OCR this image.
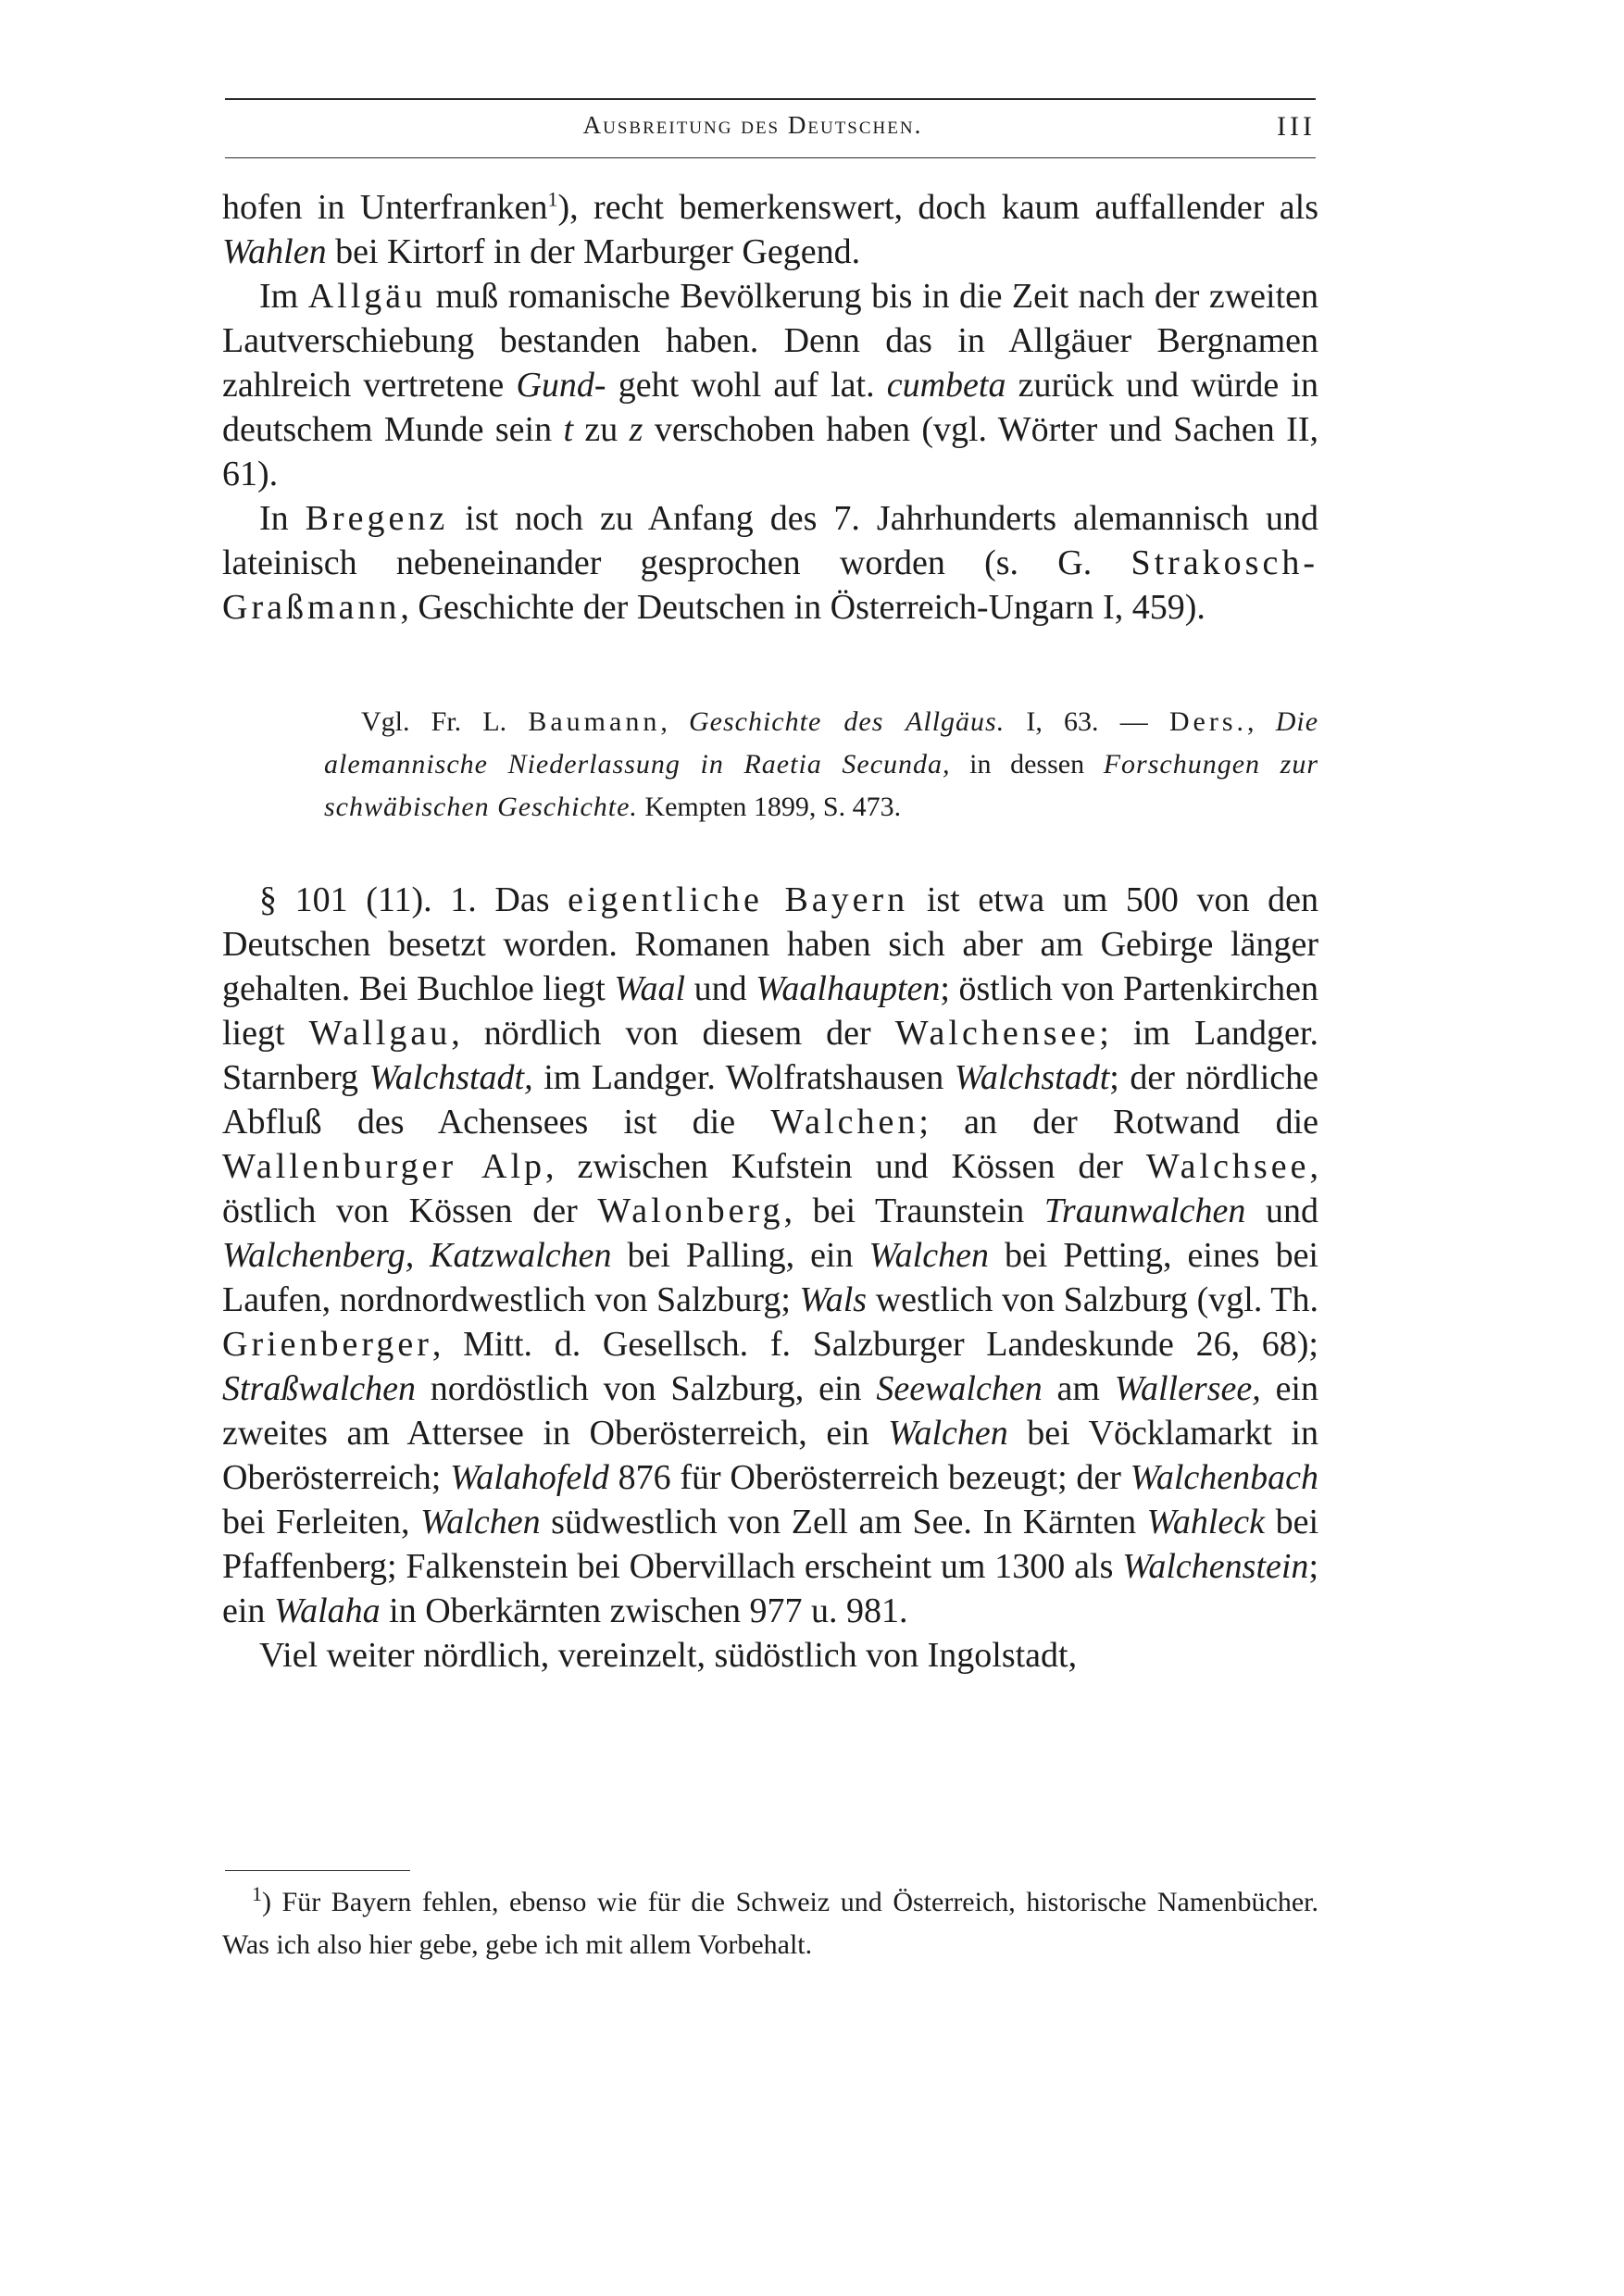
Ausbreitung des Deutschen.	III

hofen in Unterfranken$^1$), recht bemerkenswert, doch kaum auffallender als Wahlen bei Kirtorf in der Marburger Gegend.

Im Allgäu muß romanische Bevölkerung bis in die Zeit nach der zweiten Lautverschiebung bestanden haben. Denn das in Allgäuer Bergnamen zahlreich vertretene Gund- geht wohl auf lat. cumbeta zurück und würde in deutschem Munde sein t zu z verschoben haben (vgl. Wörter und Sachen II, 61).

In Bregenz ist noch zu Anfang des 7. Jahrhunderts alemannisch und lateinisch nebeneinander gesprochen worden (s. G. Strakosch-Graßmann, Geschichte der Deutschen in Österreich-Ungarn I, 459).

Vgl. Fr. L. Baumann, Geschichte des Allgäus. I, 63. — Ders., Die alemannische Niederlassung in Raetia Secunda, in dessen Forschungen zur schwäbischen Geschichte. Kempten 1899, S. 473.

§ 101 (11). 1. Das eigentliche Bayern ist etwa um 500 von den Deutschen besetzt worden. Romanen haben sich aber am Gebirge länger gehalten. Bei Buchloe liegt Waal und Waalhaupten; östlich von Partenkirchen liegt Wallgau, nördlich von diesem der Walchensee; im Landger. Starnberg Walchstadt, im Landger. Wolfratshausen Walchstadt; der nördliche Abfluß des Achensees ist die Walchen; an der Rotwand die Wallenburger Alp, zwischen Kufstein und Kössen der Walchsee, östlich von Kössen der Walonberg, bei Traunstein Traunwalchen und Walchenberg, Katzwalchen bei Palling, ein Walchen bei Petting, eines bei Laufen, nordnordwestlich von Salzburg; Wals westlich von Salzburg (vgl. Th. Grienberger, Mitt. d. Gesellsch. f. Salzburger Landeskunde 26, 68); Straßwalchen nordöstlich von Salzburg, ein Seewalchen am Wallersee, ein zweites am Attersee in Oberösterreich, ein Walchen bei Vöcklamarkt in Oberösterreich; Walahofeld 876 für Oberösterreich bezeugt; der Walchenbach bei Ferleiten, Walchen südwestlich von Zell am See. In Kärnten Wahleck bei Pfaffenberg; Falkenstein bei Obervillach erscheint um 1300 als Walchenstein; ein Walaha in Oberkärnten zwischen 977 u. 981.

Viel weiter nördlich, vereinzelt, südöstlich von Ingolstadt,

$^1$) Für Bayern fehlen, ebenso wie für die Schweiz und Österreich, historische Namenbücher. Was ich also hier gebe, gebe ich mit allem Vorbehalt.
